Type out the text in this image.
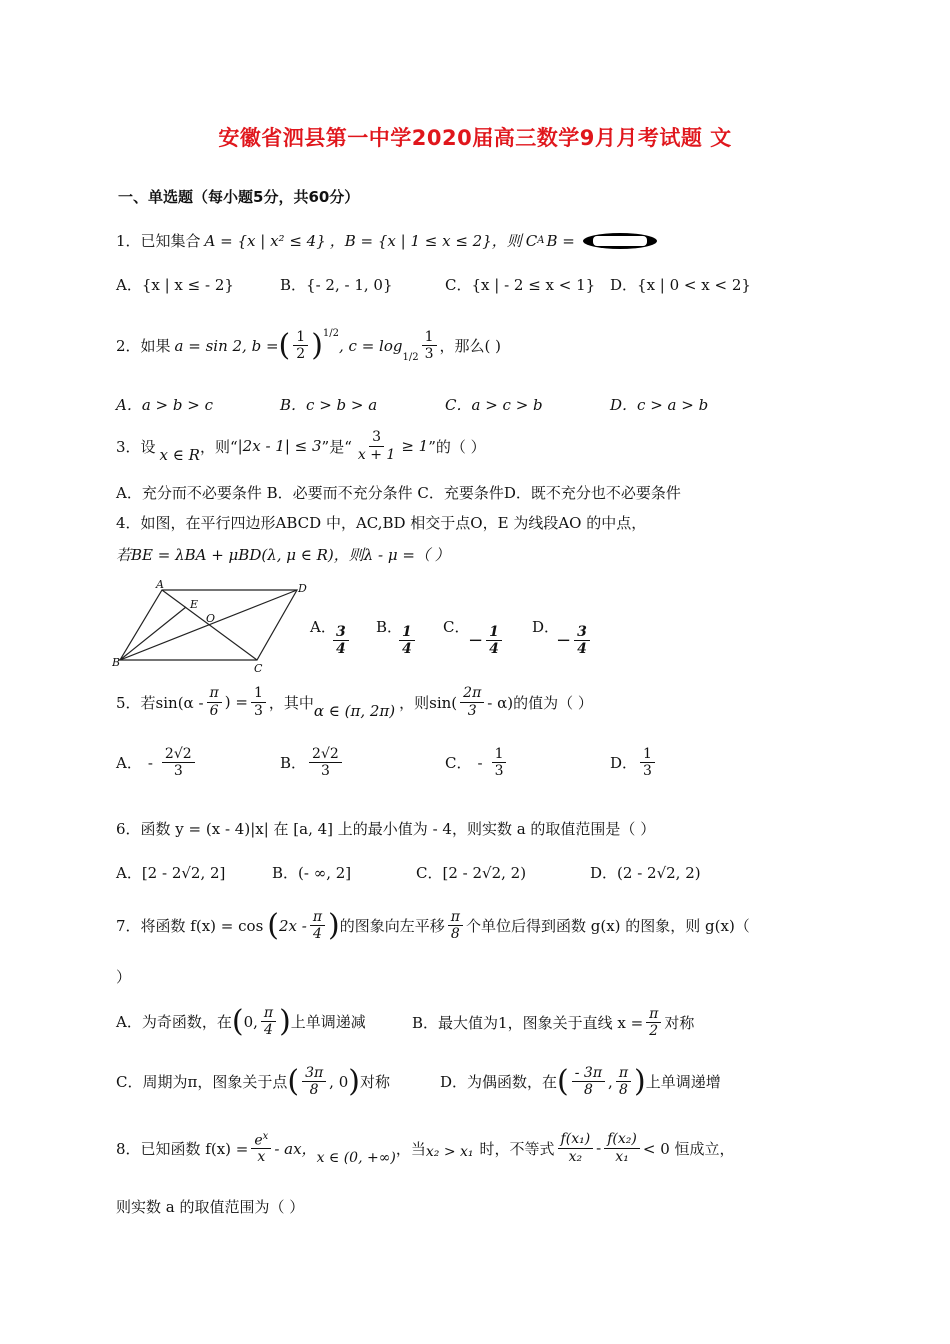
安徽省泗县第一中学2020届高三数学9月月考试题 文
一、单选题（每小题5分，共60分）
1．已知集合 A = {x | x² ≤ 4} ，B = {x | 1 ≤ x ≤ 2}，则 C A B =
A．{x | x ≤ - 2}	B．{- 2, - 1, 0}	C．{x | - 2 ≤ x < 1} D．{x | 0 < x < 2}
2．如果 a = sin 2, b = ( $\frac{1}{2} )^{1/2}$
, c = log
$_{1/2} \frac{1}{3}$ ，那么( )
A．a > b > c	B．c > b > a	C．a > c > b	D．c > a > b
3．设 x ∈ R ，则“ |2x - 1| ≤ 3 ”是“ $\frac{3}{x + 1} \ge 1$ ”的（ ）
A．充分而不必要条件 B．必要而不充分条件 C．充要条件D．既不充分也不必要条件
4．如图，在平行四边形ABCD 中，AC,BD 相交于点O，E 为线段AO 的中点，
若BE = λBA + μBD(λ, μ ∈ R)，则λ - μ =（ ）
A	D
B	C
E
O	A．	B．	C．	D．
$\frac{3}{4}$	$\frac{1}{4}$	− $\frac{1}{4}$	− $\frac{3}{4}$
5．若$\sin(\alpha - \frac{\pi}{6}$ ) = $\frac{1}{3}$ ，其中 α ∈ (π, 2π) ，则$\sin( \frac{2\pi}{3} - \alpha)$的值为（ ）
A． - $\frac{2√2}{3}$	B． $\frac{2√2}{3}$	C． - $\frac{1}{3}$	D． $\frac{1}{3}$
6．函数 y = (x - 4)|x| 在 [a, 4] 上的最小值为 - 4，则实数 a 的取值范围是（ ）
A．[2 - 2√2, 2]	B．(- ∞, 2]	C．[2 - 2√2, 2)	D．(2 - 2√2, 2)
7．将函数 f(x) = cos ( $2x - \frac{\pi}{4}$ ) 的图象向左平移 $\frac{\pi}{8}$ 个单位后得到函数 g(x) 的图象，则 g(x)（
）
A．为奇函数，在 ( 0, $\frac{\pi}{4}$ ) 上单调递减	B．最大值为1，图象关于直线 $x = \frac{\pi}{2}$ 对称
C．周期为π，图象关于点 ( $\frac{3\pi}{8}$ , 0 ) 对称	D．为偶函数，在 ( $\frac{- 3\pi}{8}$ , $\frac{\pi}{8}$ ) 上单调递增
8．已知函数 $f(x) = \frac{e^x}{x}$ - ax，
x ∈ (0, +∞)
，当 x₂ > x₁ 时，不等式 $\frac{\text{f(x₁)}}{\text{x₂}} - \frac{\text{f(x₂)}}{\text{x₁}} < 0$ 恒成立，
则实数 a 的取值范围为（ ）
